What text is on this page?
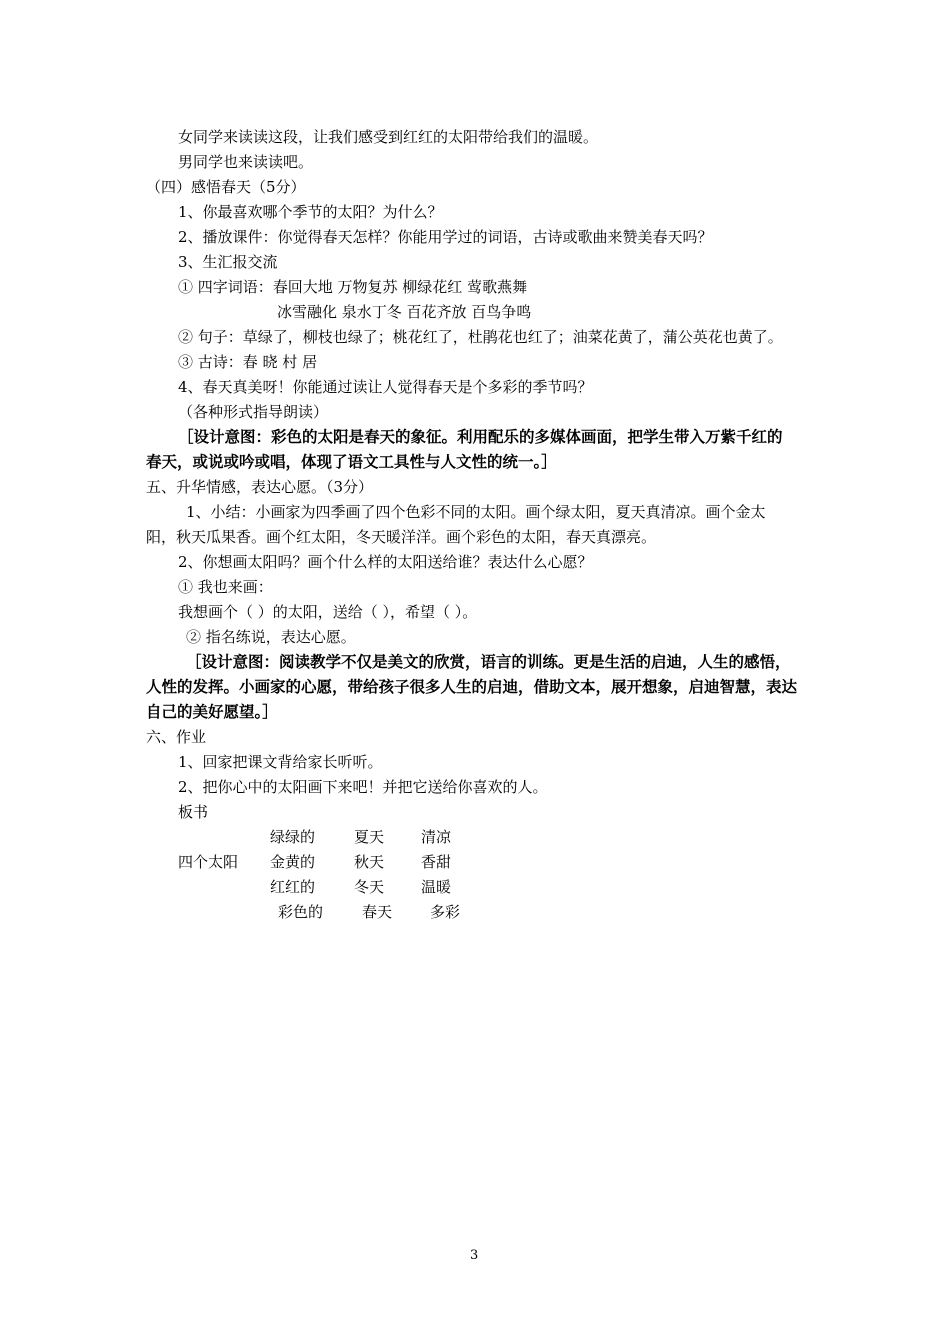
女同学来读读这段，让我们感受到红红的太阳带给我们的温暖。
男同学也来读读吧。
（四）感悟春天（5分）
1、你最喜欢哪个季节的太阳？为什么？
2、播放课件：你觉得春天怎样？你能用学过的词语，古诗或歌曲来赞美春天吗？
3、生汇报交流
① 四字词语：春回大地 万物复苏 柳绿花红 莺歌燕舞
冰雪融化 泉水丁冬 百花齐放 百鸟争鸣
② 句子：草绿了，柳枝也绿了；桃花红了，杜鹃花也红了；油菜花黄了，蒲公英花也黄了。
③ 古诗：春 晓 村 居
4、春天真美呀！你能通过读让人觉得春天是个多彩的季节吗？
（各种形式指导朗读）
［设计意图：彩色的太阳是春天的象征。利用配乐的多媒体画面，把学生带入万紫千红的
春天，或说或吟或唱，体现了语文工具性与人文性的统一。］
五、升华情感，表达心愿。（3分）
1、小结：小画家为四季画了四个色彩不同的太阳。画个绿太阳，夏天真清凉。画个金太
阳，秋天瓜果香。画个红太阳，冬天暖洋洋。画个彩色的太阳，春天真漂亮。
2、你想画太阳吗？画个什么样的太阳送给谁？表达什么心愿？
① 我也来画：
我想画个（ ）的太阳，送给（ ），希望（ ）。
② 指名练说，表达心愿。
［设计意图：阅读教学不仅是美文的欣赏，语言的训练。更是生活的启迪，人生的感悟，
人性的发挥。小画家的心愿，带给孩子很多人生的启迪，借助文本，展开想象，启迪智慧，表达
自己的美好愿望。］
六、作业
1、回家把课文背给家长听听。
2、把你心中的太阳画下来吧！并把它送给你喜欢的人。
板书
绿绿的	夏天 清凉
四个太阳 金黄的	秋天 香甜
红红的	冬天 温暖
彩色的	春天	多彩
3
